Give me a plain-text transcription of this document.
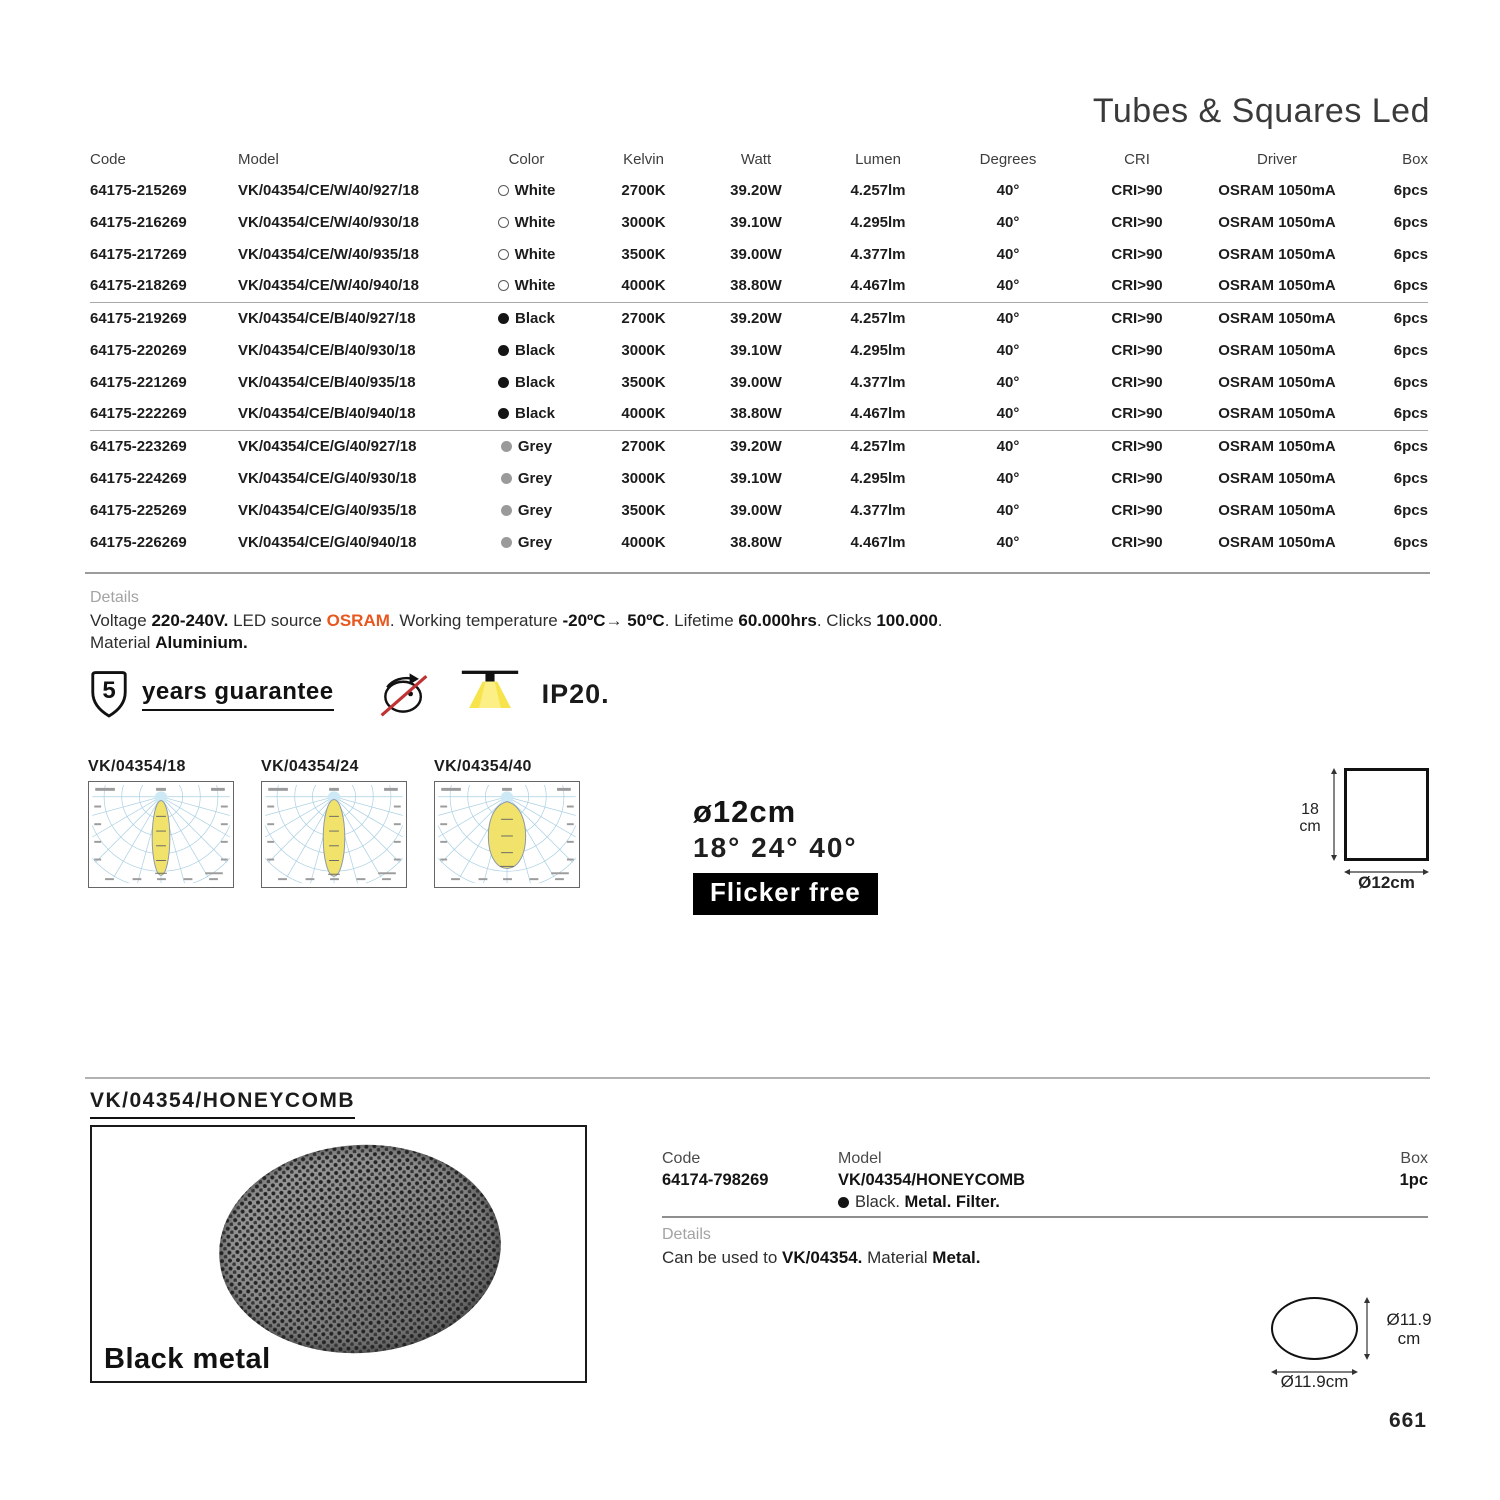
Tubes & Squares Led
Code	Model	Color	Kelvin	Watt	Lumen	Degrees	CRI	Driver	Box
64175-215269	VK/04354/CE/W/40/927/18	White	2700K	39.20W	4.257lm	40°	CRI>90	OSRAM 1050mA	6pcs
64175-216269	VK/04354/CE/W/40/930/18	White	3000K	39.10W	4.295lm	40°	CRI>90	OSRAM 1050mA	6pcs
64175-217269	VK/04354/CE/W/40/935/18	White	3500K	39.00W	4.377lm	40°	CRI>90	OSRAM 1050mA	6pcs
64175-218269	VK/04354/CE/W/40/940/18	White	4000K	38.80W	4.467lm	40°	CRI>90	OSRAM 1050mA	6pcs
64175-219269	VK/04354/CE/B/40/927/18	Black	2700K	39.20W	4.257lm	40°	CRI>90	OSRAM 1050mA	6pcs
64175-220269	VK/04354/CE/B/40/930/18	Black	3000K	39.10W	4.295lm	40°	CRI>90	OSRAM 1050mA	6pcs
64175-221269	VK/04354/CE/B/40/935/18	Black	3500K	39.00W	4.377lm	40°	CRI>90	OSRAM 1050mA	6pcs
64175-222269	VK/04354/CE/B/40/940/18	Black	4000K	38.80W	4.467lm	40°	CRI>90	OSRAM 1050mA	6pcs
64175-223269	VK/04354/CE/G/40/927/18	Grey	2700K	39.20W	4.257lm	40°	CRI>90	OSRAM 1050mA	6pcs
64175-224269	VK/04354/CE/G/40/930/18	Grey	3000K	39.10W	4.295lm	40°	CRI>90	OSRAM 1050mA	6pcs
64175-225269	VK/04354/CE/G/40/935/18	Grey	3500K	39.00W	4.377lm	40°	CRI>90	OSRAM 1050mA	6pcs
64175-226269	VK/04354/CE/G/40/940/18	Grey	4000K	38.80W	4.467lm	40°	CRI>90	OSRAM 1050mA	6pcs
Details
Voltage 220-240V. LED source OSRAM. Working temperature -20ºC→ 50ºC. Lifetime 60.000hrs. Clicks 100.000.
Material Aluminium.
5	years guarantee	IP20.
VK/04354/18	VK/04354/24	VK/04354/40
ø12cm
18° 24° 40°
Flicker free
18
cm
Ø12cm
VK/04354/HONEYCOMB
Black metal
Code	Model	Box
64174-798269	VK/04354/HONEYCOMB	1pc
Black. Metal. Filter.
Details
Can be used to VK/04354. Material Metal.
Ø11.9
cm
Ø11.9cm
661
